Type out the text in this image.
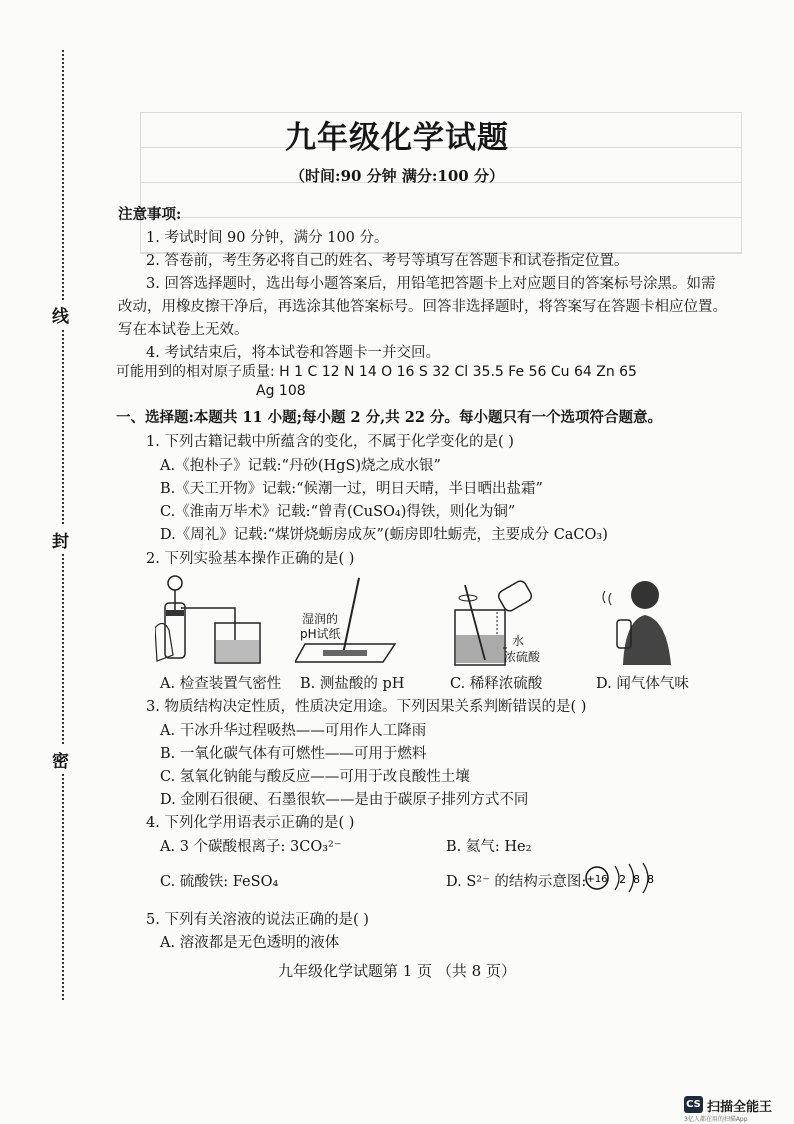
线
封
密
九年级化学试题
（时间:90 分钟 满分:100 分）
注意事项:
1. 考试时间 90 分钟，满分 100 分。
2. 答卷前，考生务必将自己的姓名、考号等填写在答题卡和试卷指定位置。
3. 回答选择题时，选出每小题答案后，用铅笔把答题卡上对应题目的答案标号涂黑。如需
改动，用橡皮擦干净后，再选涂其他答案标号。回答非选择题时，将答案写在答题卡相应位置。
写在本试卷上无效。
4. 考试结束后，将本试卷和答题卡一并交回。
可能用到的相对原子质量: H 1 C 12 N 14 O 16 S 32 Cl 35.5 Fe 56 Cu 64 Zn 65
Ag 108
一、选择题:本题共 11 小题;每小题 2 分,共 22 分。每小题只有一个选项符合题意。
1. 下列古籍记载中所蕴含的变化，不属于化学变化的是( )
A.《抱朴子》记载:“丹砂(HgS)烧之成水银”
B.《天工开物》记载:“候潮一过，明日天晴，半日晒出盐霜”
C.《淮南万毕术》记载:“曾青(CuSO₄)得铁，则化为铜”
D.《周礼》记载:“煤饼烧蛎房成灰”(蛎房即牡蛎壳，主要成分 CaCO₃)
2. 下列实验基本操作正确的是( )
湿润的
pH试纸	水
浓硫酸
A. 检查装置气密性 B. 测盐酸的 pH	C. 稀释浓硫酸	D. 闻气体气味
3. 物质结构决定性质，性质决定用途。下列因果关系判断错误的是( )
A. 干冰升华过程吸热——可用作人工降雨
B. 一氧化碳气体有可燃性——可用于燃料
C. 氢氧化钠能与酸反应——可用于改良酸性土壤
D. 金刚石很硬、石墨很软——是由于碳原子排列方式不同
4. 下列化学用语表示正确的是( )
A. 3 个碳酸根离子: 3CO₃²⁻	B. 氦气: He₂
C. 硫酸铁: FeSO₄	D. S²⁻ 的结构示意图: +16 2 8 8
5. 下列有关溶液的说法正确的是( )
A. 溶液都是无色透明的液体
九年级化学试题第 1 页 （共 8 页）
CS 扫描全能王
3亿人都在用的扫描App
